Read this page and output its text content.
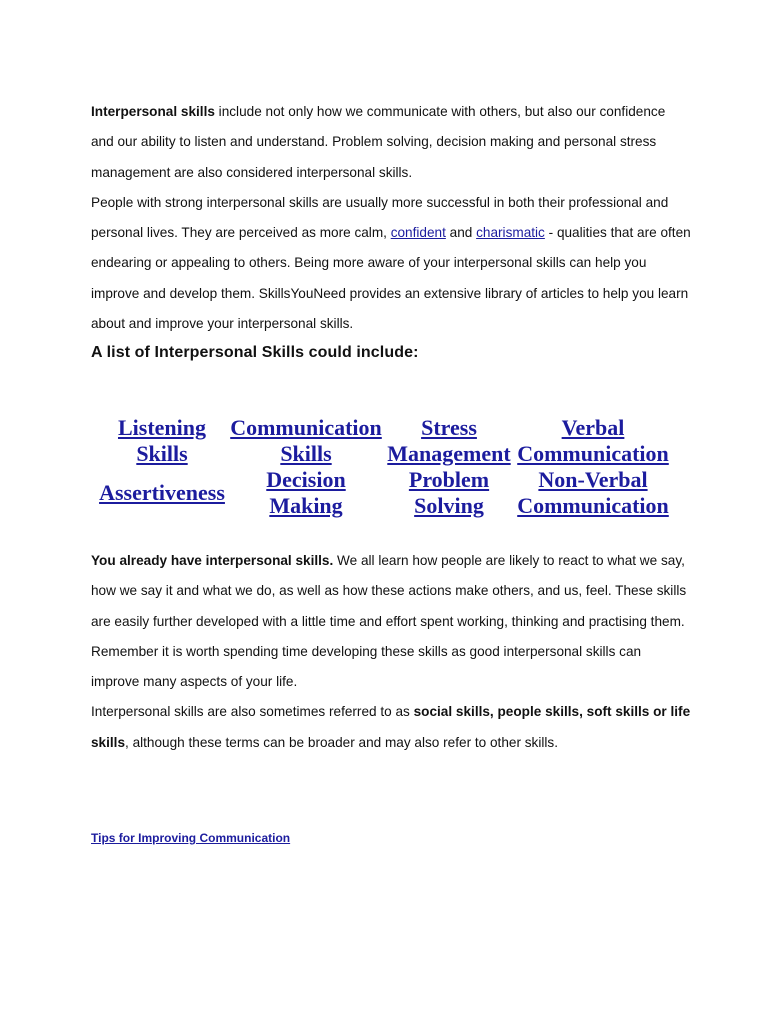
Interpersonal skills include not only how we communicate with others, but also our confidence and our ability to listen and understand. Problem solving, decision making and personal stress management are also considered interpersonal skills.

People with strong interpersonal skills are usually more successful in both their professional and personal lives. They are perceived as more calm, confident and charismatic - qualities that are often endearing or appealing to others. Being more aware of your interpersonal skills can help you improve and develop them. SkillsYouNeed provides an extensive library of articles to help you learn about and improve your interpersonal skills.

A list of Interpersonal Skills could include:
Listening Skills	Communication Skills	Stress Management	Verbal Communication
Assertiveness	Decision Making	Problem Solving	Non-Verbal Communication

You already have interpersonal skills. We all learn how people are likely to react to what we say, how we say it and what we do, as well as how these actions make others, and us, feel. These skills are easily further developed with a little time and effort spent working, thinking and practising them. Remember it is worth spending time developing these skills as good interpersonal skills can improve many aspects of your life.

Interpersonal skills are also sometimes referred to as social skills, people skills, soft skills or life skills, although these terms can be broader and may also refer to other skills.

Tips for Improving Communication
